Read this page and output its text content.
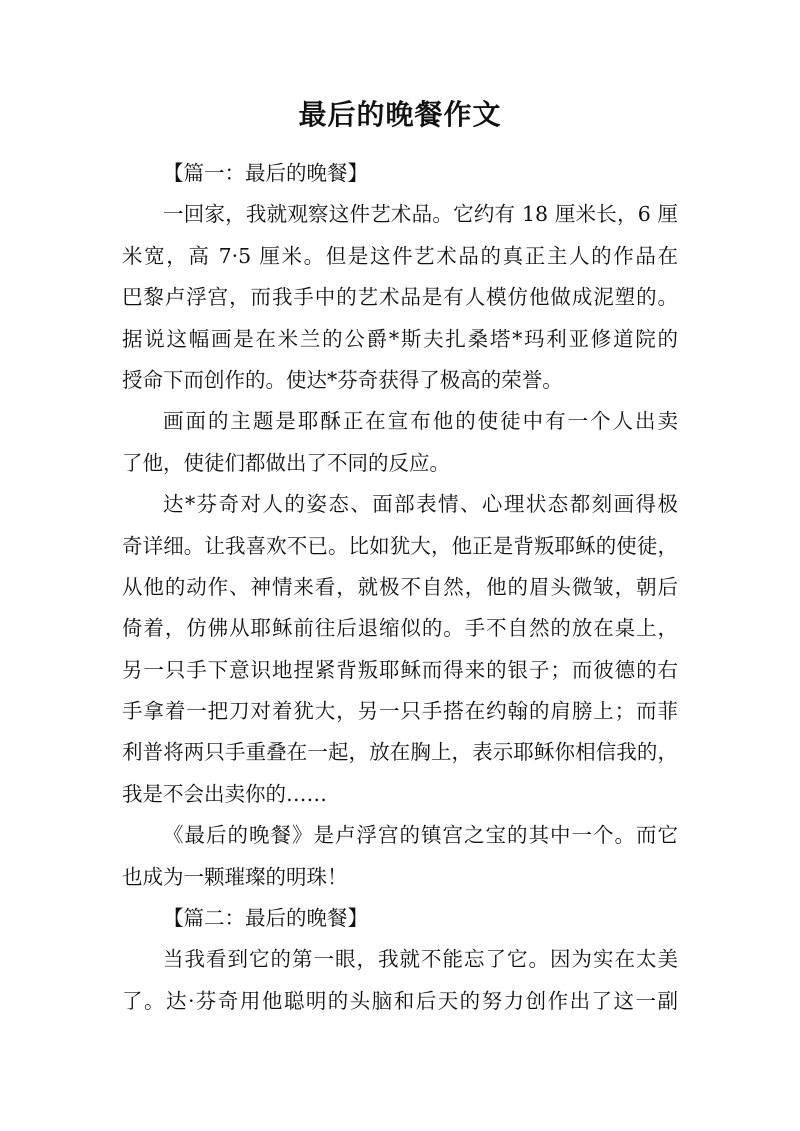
最后的晚餐作文
【篇一：最后的晚餐】
一回家，我就观察这件艺术品。它约有 18 厘米长，6 厘
米宽，高 7·5 厘米。但是这件艺术品的真正主人的作品在
巴黎卢浮宫，而我手中的艺术品是有人模仿他做成泥塑的。
据说这幅画是在米兰的公爵*斯夫扎桑塔*玛利亚修道院的
授命下而创作的。使达*芬奇获得了极高的荣誉。
画面的主题是耶酥正在宣布他的使徒中有一个人出卖
了他，使徒们都做出了不同的反应。
达*芬奇对人的姿态、面部表情、心理状态都刻画得极
奇详细。让我喜欢不已。比如犹大，他正是背叛耶稣的使徒，
从他的动作、神情来看，就极不自然，他的眉头微皱，朝后
倚着，仿佛从耶稣前往后退缩似的。手不自然的放在桌上，
另一只手下意识地捏紧背叛耶稣而得来的银子；而彼德的右
手拿着一把刀对着犹大，另一只手搭在约翰的肩膀上；而菲
利普将两只手重叠在一起，放在胸上，表示耶稣你相信我的，
我是不会出卖你的……
《最后的晚餐》是卢浮宫的镇宫之宝的其中一个。而它
也成为一颗璀璨的明珠！
【篇二：最后的晚餐】
当我看到它的第一眼，我就不能忘了它。因为实在太美
了。达·芬奇用他聪明的头脑和后天的努力创作出了这一副
